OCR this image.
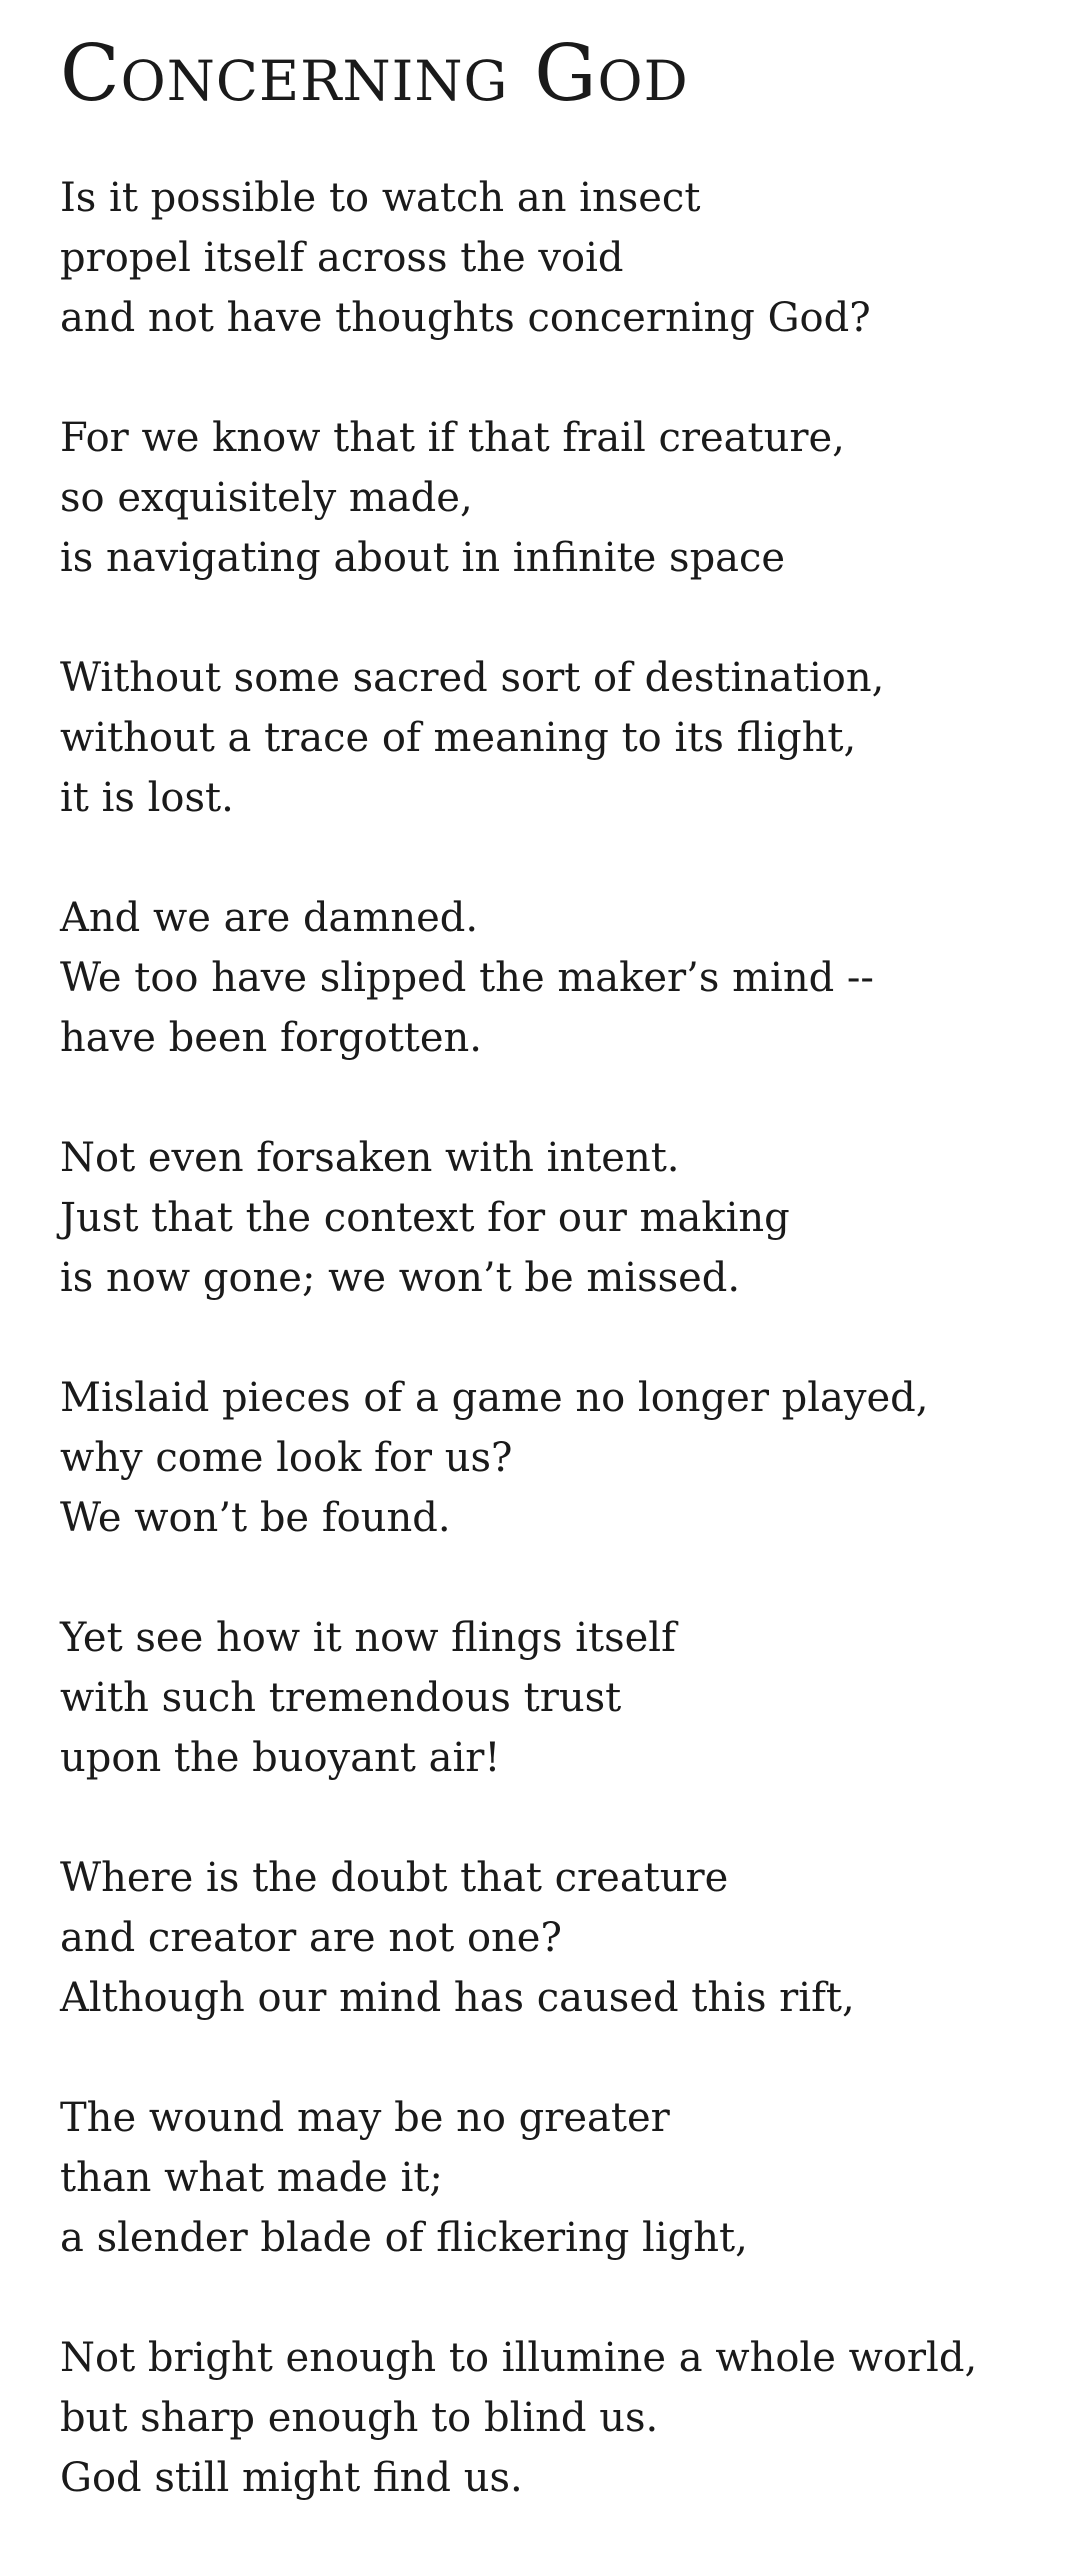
Concerning God
Is it possible to watch an insect
propel itself across the void
and not have thoughts concerning God?
For we know that if that frail creature,
so exquisitely made,
is navigating about in infinite space
Without some sacred sort of destination,
without a trace of meaning to its flight,
it is lost.
And we are damned.
We too have slipped the maker’s mind --
have been forgotten.
Not even forsaken with intent.
Just that the context for our making
is now gone; we won’t be missed.
Mislaid pieces of a game no longer played,
why come look for us?
We won’t be found.
Yet see how it now flings itself
with such tremendous trust
upon the buoyant air!
Where is the doubt that creature
and creator are not one?
Although our mind has caused this rift,
The wound may be no greater
than what made it;
a slender blade of flickering light,
Not bright enough to illumine a whole world,
but sharp enough to blind us.
God still might find us.
